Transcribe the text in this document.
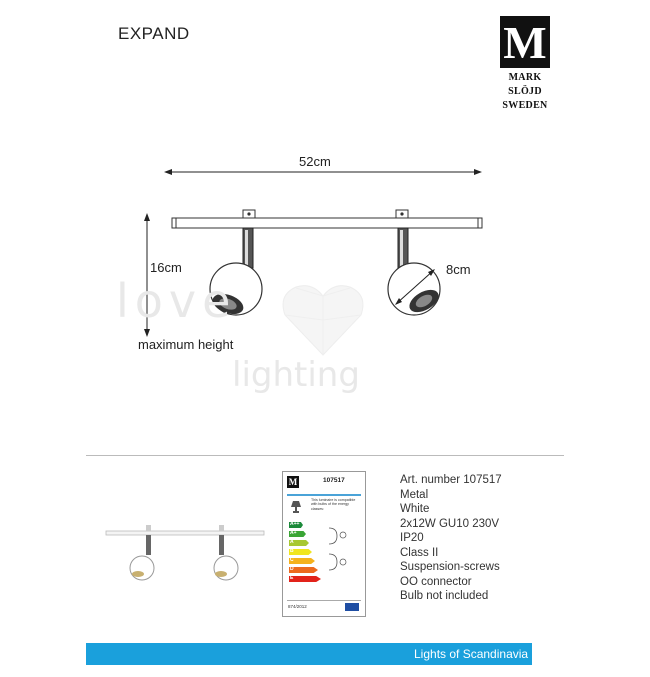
EXPAND	M
MARK
SLÖJD
SWEDEN
52cm
16cm	8cm
maximum height
love
lighting
M	107517
This luminaire is compatible with bulbs of the energy classes:
A++
A+
A
B
C
D
E
874/2012
Art. number 107517
Metal
White
2x12W GU10 230V
IP20
Class II
Suspension-screws
OO connector
Bulb not included
Lights of Scandinavia
